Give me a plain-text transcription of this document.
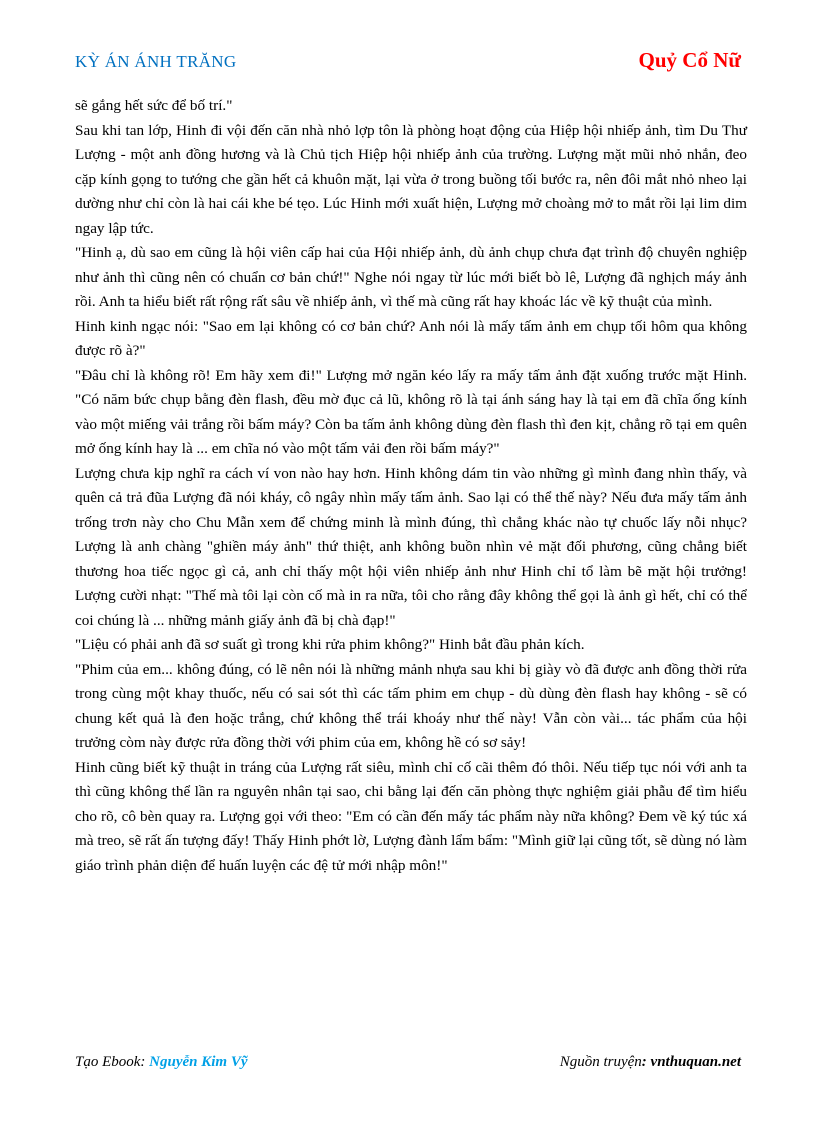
KỲ ÁN ÁNH TRĂNG	Quỷ Cổ Nữ

sẽ gắng hết sức để bố trí."

Sau khi tan lớp, Hinh đi vội đến căn nhà nhỏ lợp tôn là phòng hoạt động của Hiệp hội nhiếp ảnh, tìm Du Thư Lượng - một anh đồng hương và là Chủ tịch Hiệp hội nhiếp ảnh của trường. Lượng mặt mũi nhỏ nhắn, đeo cặp kính gọng to tướng che gần hết cả khuôn mặt, lại vừa ở trong buồng tối bước ra, nên đôi mắt nhỏ nheo lại dường như chỉ còn là hai cái khe bé tẹo. Lúc Hinh mới xuất hiện, Lượng mở choàng mở to mắt rồi lại lim dim ngay lập tức.

"Hinh ạ, dù sao em cũng là hội viên cấp hai của Hội nhiếp ảnh, dù ảnh chụp chưa đạt trình độ chuyên nghiệp như ảnh thì cũng nên có chuẩn cơ bản chứ!" Nghe nói ngay từ lúc mới biết bò lê, Lượng đã nghịch máy ảnh rồi. Anh ta hiểu biết rất rộng rất sâu về nhiếp ảnh, vì thế mà cũng rất hay khoác lác về kỹ thuật của mình.

Hinh kinh ngạc nói: "Sao em lại không có cơ bản chứ? Anh nói là mấy tấm ảnh em chụp tối hôm qua không được rõ à?"

"Đâu chỉ là không rõ! Em hãy xem đi!" Lượng mở ngăn kéo lấy ra mấy tấm ảnh đặt xuống trước mặt Hinh. "Có năm bức chụp bằng đèn flash, đều mờ đục cả lũ, không rõ là tại ánh sáng hay là tại em đã chĩa ống kính vào một miếng vải trắng rồi bấm máy? Còn ba tấm ảnh không dùng đèn flash thì đen kịt, chẳng rõ tại em quên mở ống kính hay là ... em chĩa nó vào một tấm vải đen rồi bấm máy?"

Lượng chưa kịp nghĩ ra cách ví von nào hay hơn. Hinh không dám tin vào những gì mình đang nhìn thấy, và quên cả trả đũa Lượng đã nói kháy, cô ngây nhìn mấy tấm ảnh. Sao lại có thể thế này? Nếu đưa mấy tấm ảnh trống trơn này cho Chu Mẫn xem để chứng minh là mình đúng, thì chẳng khác nào tự chuốc lấy nỗi nhục? Lượng là anh chàng "ghiền máy ảnh" thứ thiệt, anh không buồn nhìn vẻ mặt đối phương, cũng chẳng biết thương hoa tiếc ngọc gì cả, anh chỉ thấy một hội viên nhiếp ảnh như Hinh chỉ tổ làm bẽ mặt hội trưởng! Lượng cười nhạt: "Thế mà tôi lại còn cố mà in ra nữa, tôi cho rằng đây không thể gọi là ảnh gì hết, chỉ có thể coi chúng là ... những mảnh giấy ảnh đã bị chà đạp!"

"Liệu có phải anh đã sơ suất gì trong khi rửa phim không?" Hinh bắt đầu phản kích.

"Phim của em... không đúng, có lẽ nên nói là những mảnh nhựa sau khi bị giày vò đã được anh đồng thời rửa trong cùng một khay thuốc, nếu có sai sót thì các tấm phim em chụp - dù dùng đèn flash hay không - sẽ có chung kết quả là đen hoặc trắng, chứ không thể trái khoáy như thế này! Vẫn còn vài... tác phẩm của hội trưởng còm này được rửa đồng thời với phim của em, không hề có sơ sảy!

Hinh cũng biết kỹ thuật in tráng của Lượng rất siêu, mình chỉ cố cãi thêm đó thôi. Nếu tiếp tục nói với anh ta thì cũng không thể lần ra nguyên nhân tại sao, chi bằng lại đến căn phòng thực nghiệm giải phẫu để tìm hiểu cho rõ, cô bèn quay ra. Lượng gọi với theo: "Em có cần đến mấy tác phẩm này nữa không? Đem về ký túc xá mà treo, sẽ rất ấn tượng đấy! Thấy Hinh phớt lờ, Lượng đành lẩm bẩm: "Mình giữ lại cũng tốt, sẽ dùng nó làm giáo trình phản diện để huấn luyện các đệ tử mới nhập môn!"

Tạo Ebook: Nguyễn Kim Vỹ	Nguồn truyện: vnthuquan.net
